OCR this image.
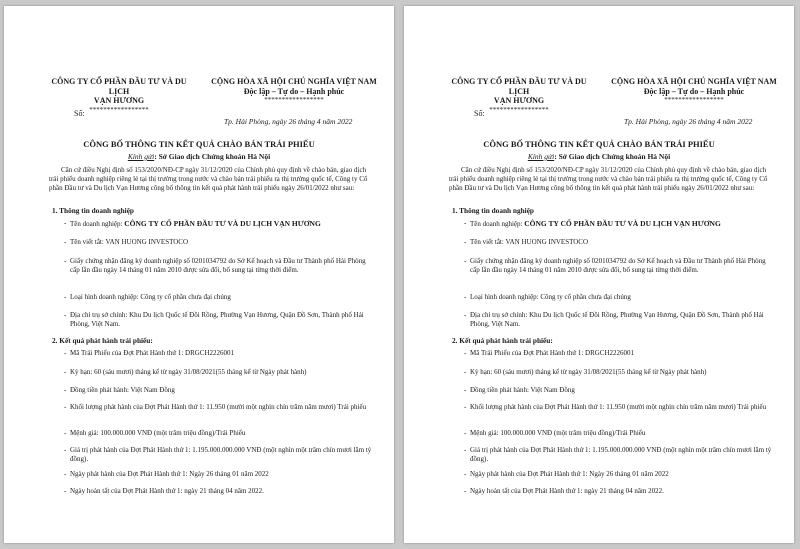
CÔNG TY CỔ PHẦN ĐẦU TƯ VÀ DU LỊCH
VẠN HƯƠNG
*****************
CỘNG HÒA XÃ HỘI CHỦ NGHĨA VIỆT NAM
Độc lập – Tự do – Hạnh phúc
*****************
Số:
Tp. Hải Phòng, ngày 26 tháng 4 năm 2022
CÔNG BỐ THÔNG TIN KẾT QUẢ CHÀO BÁN TRÁI PHIẾU
Kính gửi: Sở Giao dịch Chứng khoán Hà Nội
Căn cứ điều Nghị định số 153/2020/NĐ-CP ngày 31/12/2020 của Chính phủ quy định về chào bán, giao dịch trái phiếu doanh nghiệp riêng lẻ tại thị trường trong nước và chào bán trái phiếu ra thị trường quốc tế, Công ty Cổ phần Đầu tư và Du lịch Vạn Hương công bố thông tin kết quả phát hành trái phiếu ngày 26/01/2022 như sau:
1. Thông tin doanh nghiệp
- Tên doanh nghiệp: CÔNG TY CỔ PHẦN ĐẦU TƯ VÀ DU LỊCH VẠN HƯƠNG
- Tên viết tắt: VAN HUONG INVESTOCO
- Giấy chứng nhận đăng ký doanh nghiệp số 0201034792 do Sở Kế hoạch và Đầu tư Thành phố Hải Phòng cấp lần đầu ngày 14 tháng 01 năm 2010 được sửa đổi, bổ sung tại từng thời điểm.
- Loại hình doanh nghiệp: Công ty cổ phần chưa đại chúng
- Địa chỉ trụ sở chính: Khu Du lịch Quốc tế Đồi Rồng, Phường Vạn Hương, Quận Đồ Sơn, Thành phố Hải Phòng, Việt Nam.
2. Kết quả phát hành trái phiếu:
- Mã Trái Phiếu của Đợt Phát Hành thứ 1: DRGCH2226001
- Kỳ hạn: 60 (sáu mươi) tháng kể từ ngày 31/08/2021(55 tháng kể từ Ngày phát hành)
- Đồng tiền phát hành: Việt Nam Đồng
- Khối lượng phát hành của Đợt Phát Hành thứ 1: 11.950 (mười một nghìn chín trăm năm mươi) Trái phiếu
- Mệnh giá: 100.000.000 VNĐ (một trăm triệu đồng)/Trái Phiếu
- Giá trị phát hành của Đợt Phát Hành thứ 1: 1.195.000.000.000 VNĐ (một nghìn một trăm chín mươi lăm tỷ đồng).
- Ngày phát hành của Đợt Phát Hành thứ 1: Ngày 26 tháng 01 năm 2022
- Ngày hoàn tất của Đợt Phát Hành thứ 1: ngày 21 tháng 04 năm 2022.
CÔNG TY CỔ PHẦN ĐẦU TƯ VÀ DU LỊCH
VẠN HƯƠNG
*****************
CỘNG HÒA XÃ HỘI CHỦ NGHĨA VIỆT NAM
Độc lập – Tự do – Hạnh phúc
*****************
Số:
Tp. Hải Phòng, ngày 26 tháng 4 năm 2022
CÔNG BỐ THÔNG TIN KẾT QUẢ CHÀO BÁN TRÁI PHIẾU
Kính gửi: Sở Giao dịch Chứng khoán Hà Nội
Căn cứ điều Nghị định số 153/2020/NĐ-CP ngày 31/12/2020 của Chính phủ quy định về chào bán, giao dịch trái phiếu doanh nghiệp riêng lẻ tại thị trường trong nước và chào bán trái phiếu ra thị trường quốc tế, Công ty Cổ phần Đầu tư và Du lịch Vạn Hương công bố thông tin kết quả phát hành trái phiếu ngày 26/01/2022 như sau:
1. Thông tin doanh nghiệp
- Tên doanh nghiệp: CÔNG TY CỔ PHẦN ĐẦU TƯ VÀ DU LỊCH VẠN HƯƠNG
- Tên viết tắt: VAN HUONG INVESTOCO
- Giấy chứng nhận đăng ký doanh nghiệp số 0201034792 do Sở Kế hoạch và Đầu tư Thành phố Hải Phòng cấp lần đầu ngày 14 tháng 01 năm 2010 được sửa đổi, bổ sung tại từng thời điểm.
- Loại hình doanh nghiệp: Công ty cổ phần chưa đại chúng
- Địa chỉ trụ sở chính: Khu Du lịch Quốc tế Đồi Rồng, Phường Vạn Hương, Quận Đồ Sơn, Thành phố Hải Phòng, Việt Nam.
2. Kết quả phát hành trái phiếu:
- Mã Trái Phiếu của Đợt Phát Hành thứ 1: DRGCH2226001
- Kỳ hạn: 60 (sáu mươi) tháng kể từ ngày 31/08/2021(55 tháng kể từ Ngày phát hành)
- Đồng tiền phát hành: Việt Nam Đồng
- Khối lượng phát hành của Đợt Phát Hành thứ 1: 11.950 (mười một nghìn chín trăm năm mươi) Trái phiếu
- Mệnh giá: 100.000.000 VNĐ (một trăm triệu đồng)/Trái Phiếu
- Giá trị phát hành của Đợt Phát Hành thứ 1: 1.195.000.000.000 VNĐ (một nghìn một trăm chín mươi lăm tỷ đồng).
- Ngày phát hành của Đợt Phát Hành thứ 1: Ngày 26 tháng 01 năm 2022
- Ngày hoàn tất của Đợt Phát Hành thứ 1: ngày 21 tháng 04 năm 2022.
